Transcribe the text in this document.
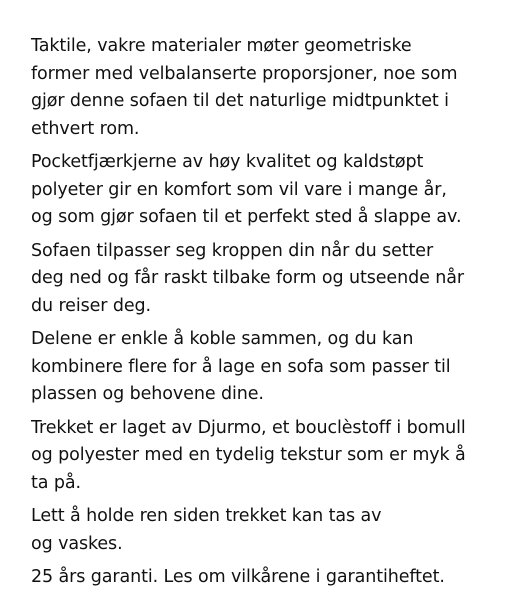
Taktile, vakre materialer møter geometriske
former med velbalanserte proporsjoner, noe som
gjør denne sofaen til det naturlige midtpunktet i
ethvert rom.

Pocketfjærkjerne av høy kvalitet og kaldstøpt
polyeter gir en komfort som vil vare i mange år,
og som gjør sofaen til et perfekt sted å slappe av.

Sofaen tilpasser seg kroppen din når du setter
deg ned og får raskt tilbake form og utseende når
du reiser deg.

Delene er enkle å koble sammen, og du kan
kombinere flere for å lage en sofa som passer til
plassen og behovene dine.

Trekket er laget av Djurmo, et bouclèstoff i bomull
og polyester med en tydelig tekstur som er myk å
ta på.

Lett å holde ren siden trekket kan tas av
og vaskes.

25 års garanti. Les om vilkårene i garantiheftet.
